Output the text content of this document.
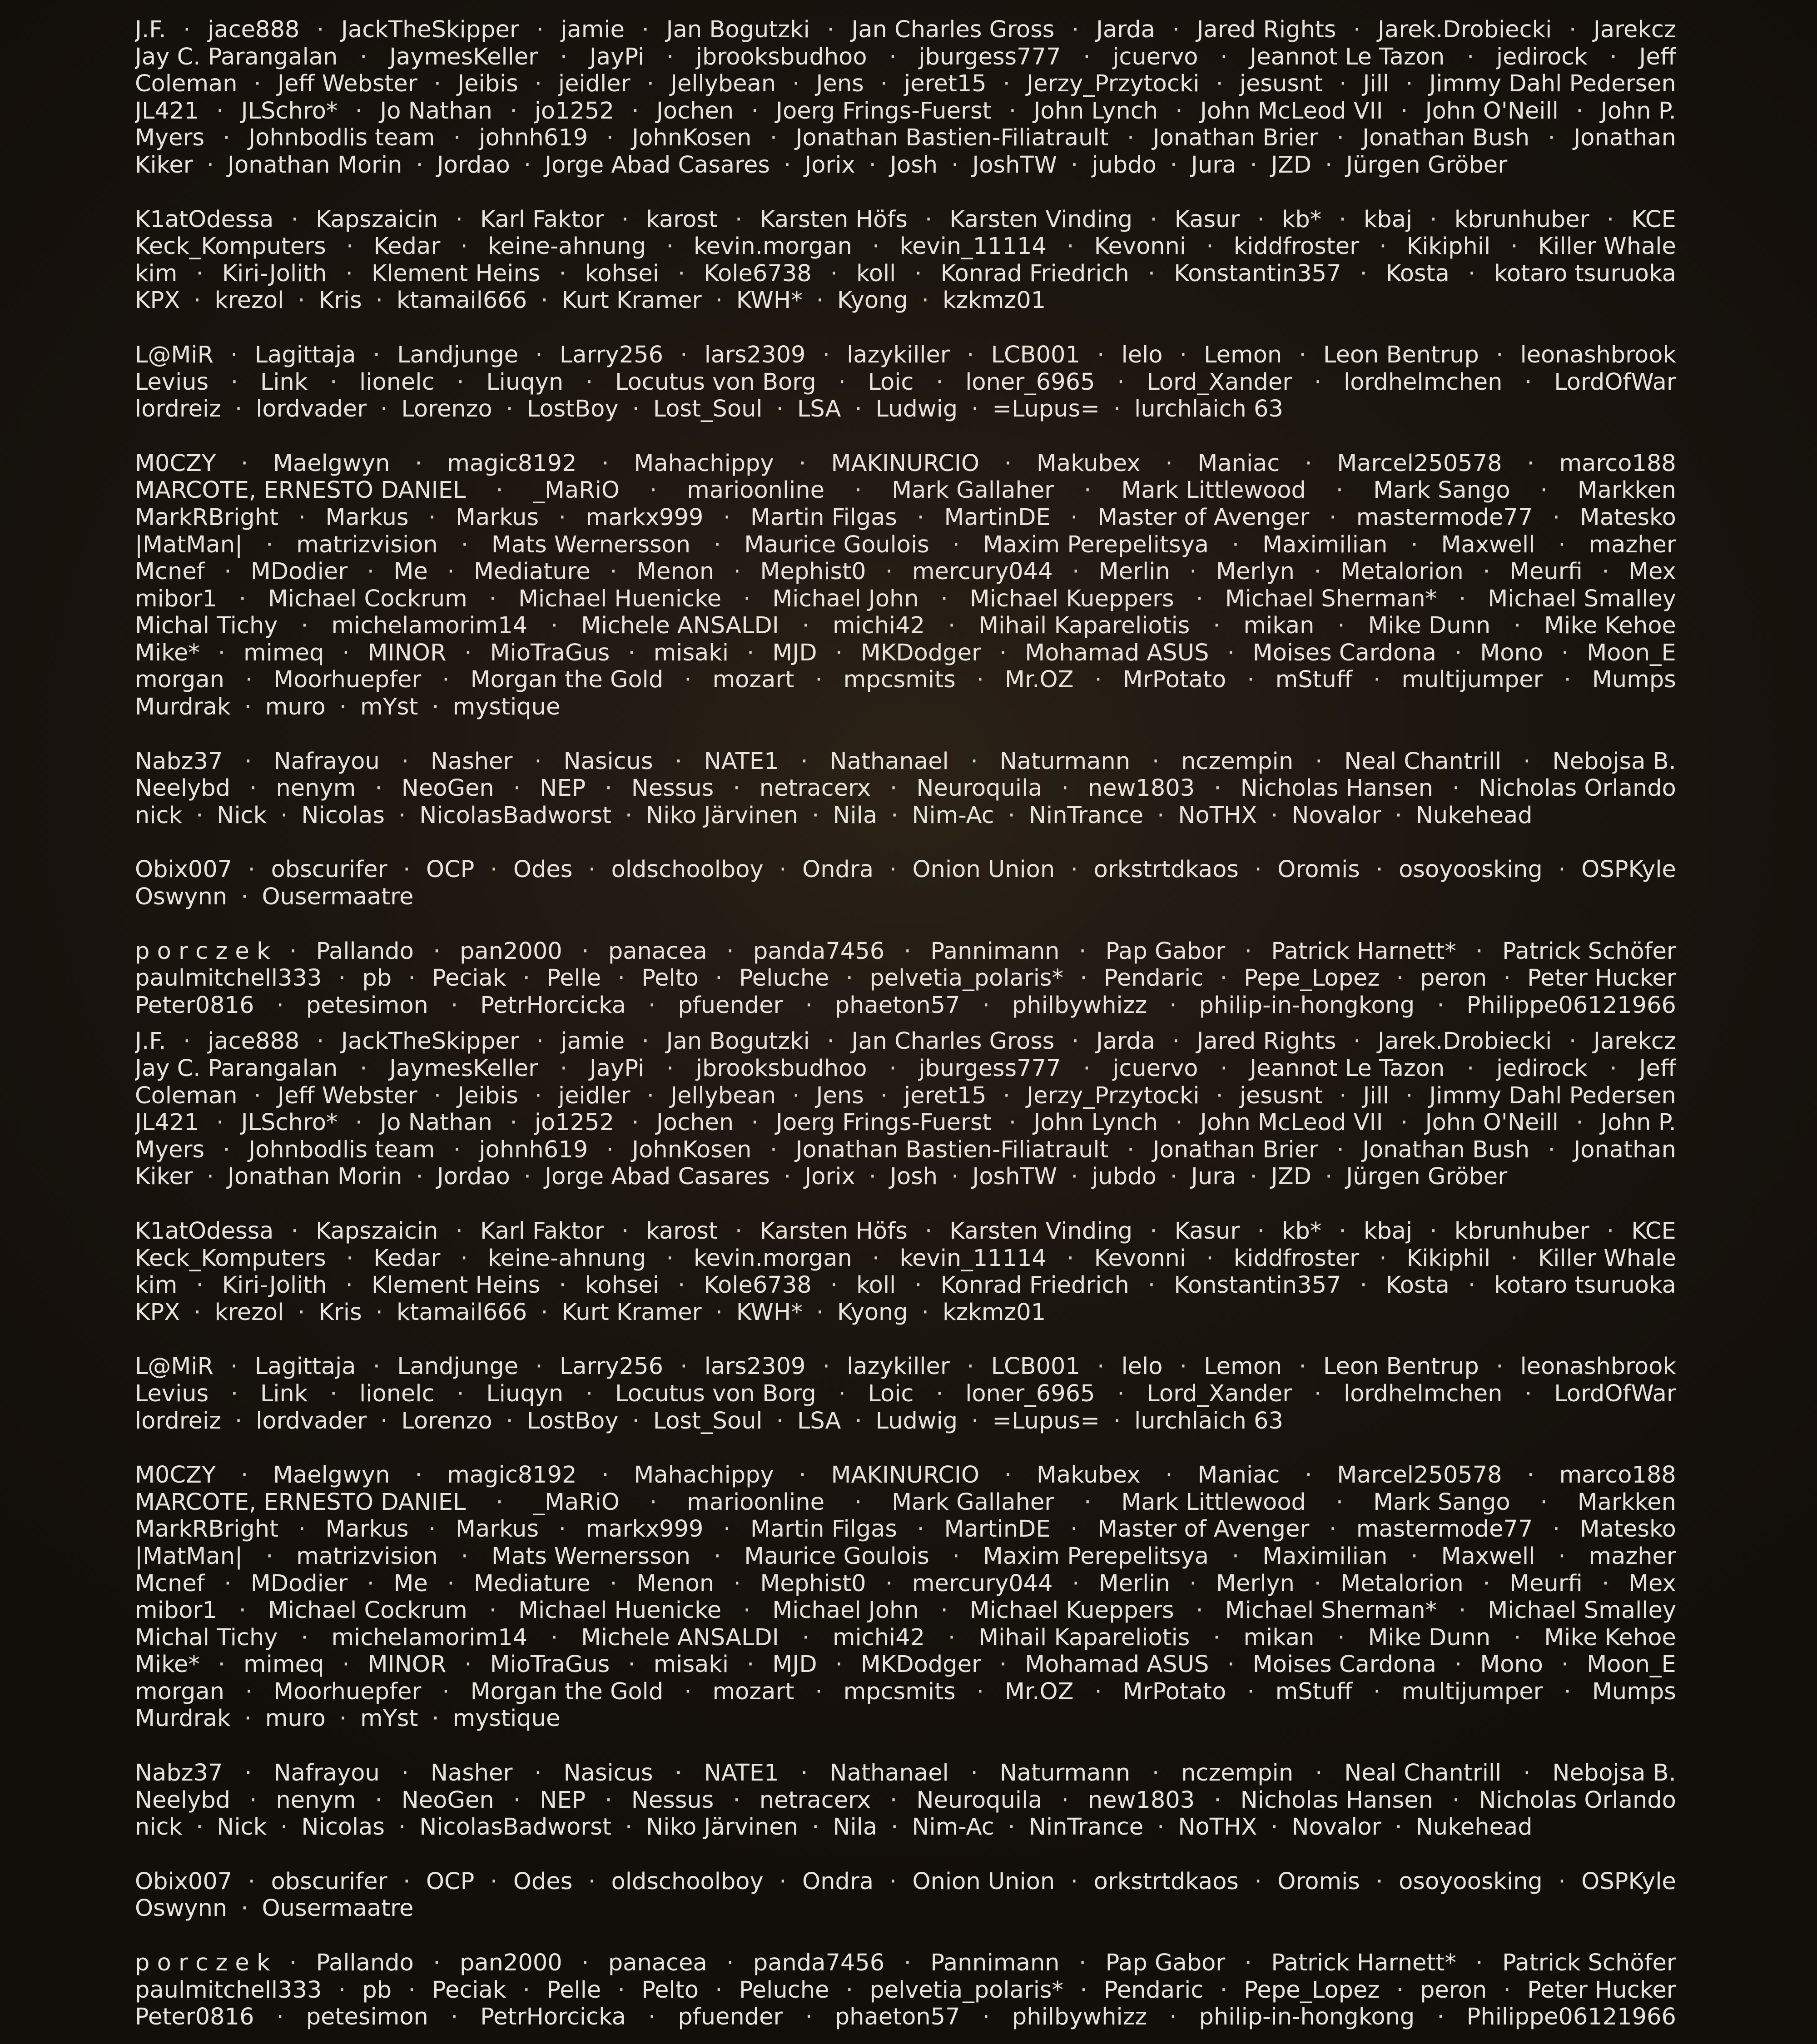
J.F. · jace888 · JackTheSkipper · jamie · Jan Bogutzki · Jan Charles Gross · Jarda · Jared Rights · Jarek.Drobiecki · Jarekcz
Jay C. Parangalan · JaymesKeller · JayPi · jbrooksbudhoo · jburgess777 · jcuervo · Jeannot Le Tazon · jedirock · Jeff
Coleman · Jeff Webster · Jeibis · jeidler · Jellybean · Jens · jeret15 · Jerzy_Przytocki · jesusnt · Jill · Jimmy Dahl Pedersen
JL421 · JLSchro* · Jo Nathan · jo1252 · Jochen · Joerg Frings-Fuerst · John Lynch · John McLeod VII · John O'Neill · John P.
Myers · Johnbodlis team · johnh619 · JohnKosen · Jonathan Bastien-Filiatrault · Jonathan Brier · Jonathan Bush · Jonathan
Kiker · Jonathan Morin · Jordao · Jorge Abad Casares · Jorix · Josh · JoshTW · jubdo · Jura · JZD · Jürgen Gröber
K1atOdessa · Kapszaicin · Karl Faktor · karost · Karsten Höfs · Karsten Vinding · Kasur · kb* · kbaj · kbrunhuber · KCE
Keck_Komputers · Kedar · keine-ahnung · kevin.morgan · kevin_11114 · Kevonni · kiddfroster · Kikiphil · Killer Whale
kim · Kiri-Jolith · Klement Heins · kohsei · Kole6738 · koll · Konrad Friedrich · Konstantin357 · Kosta · kotaro tsuruoka
KPX · krezol · Kris · ktamail666 · Kurt Kramer · KWH* · Kyong · kzkmz01
L@MiR · Lagittaja · Landjunge · Larry256 · lars2309 · lazykiller · LCB001 · lelo · Lemon · Leon Bentrup · leonashbrook
Levius · Link · lionelc · Liuqyn · Locutus von Borg · Loic · loner_6965 · Lord_Xander · lordhelmchen · LordOfWar
lordreiz · lordvader · Lorenzo · LostBoy · Lost_Soul · LSA · Ludwig · =Lupus= · lurchlaich 63
M0CZY · Maelgwyn · magic8192 · Mahachippy · MAKINURCIO · Makubex · Maniac · Marcel250578 · marco188
MARCOTE, ERNESTO DANIEL · _MaRiO · marioonline · Mark Gallaher · Mark Littlewood · Mark Sango · Markken
MarkRBright · Markus · Markus · markx999 · Martin Filgas · MartinDE · Master of Avenger · mastermode77 · Matesko
|MatMan| · matrizvision · Mats Wernersson · Maurice Goulois · Maxim Perepelitsya · Maximilian · Maxwell · mazher
Mcnef · MDodier · Me · Mediature · Menon · Mephist0 · mercury044 · Merlin · Merlyn · Metalorion · Meurfi · Mex
mibor1 · Michael Cockrum · Michael Huenicke · Michael John · Michael Kueppers · Michael Sherman* · Michael Smalley
Michal Tichy · michelamorim14 · Michele ANSALDI · michi42 · Mihail Kapareliotis · mikan · Mike Dunn · Mike Kehoe
Mike* · mimeq · MINOR · MioTraGus · misaki · MJD · MKDodger · Mohamad ASUS · Moises Cardona · Mono · Moon_E
morgan · Moorhuepfer · Morgan the Gold · mozart · mpcsmits · Mr.OZ · MrPotato · mStuff · multijumper · Mumps
Murdrak · muro · mYst · mystique
Nabz37 · Nafrayou · Nasher · Nasicus · NATE1 · Nathanael · Naturmann · nczempin · Neal Chantrill · Nebojsa B.
Neelybd · nenym · NeoGen · NEP · Nessus · netracerx · Neuroquila · new1803 · Nicholas Hansen · Nicholas Orlando
nick · Nick · Nicolas · NicolasBadworst · Niko Järvinen · Nila · Nim-Ac · NinTrance · NoTHX · Novalor · Nukehead
Obix007 · obscurifer · OCP · Odes · oldschoolboy · Ondra · Onion Union · orkstrtdkaos · Oromis · osoyoosking · OSPKyle
Oswynn · Ousermaatre
p o r c z e k · Pallando · pan2000 · panacea · panda7456 · Pannimann · Pap Gabor · Patrick Harnett* · Patrick Schöfer
paulmitchell333 · pb · Peciak · Pelle · Pelto · Peluche · pelvetia_polaris* · Pendaric · Pepe_Lopez · peron · Peter Hucker
Peter0816 · petesimon · PetrHorcicka · pfuender · phaeton57 · philbywhizz · philip-in-hongkong · Philippe06121966
J.F. · jace888 · JackTheSkipper · jamie · Jan Bogutzki · Jan Charles Gross · Jarda · Jared Rights · Jarek.Drobiecki · Jarekcz
Jay C. Parangalan · JaymesKeller · JayPi · jbrooksbudhoo · jburgess777 · jcuervo · Jeannot Le Tazon · jedirock · Jeff
Coleman · Jeff Webster · Jeibis · jeidler · Jellybean · Jens · jeret15 · Jerzy_Przytocki · jesusnt · Jill · Jimmy Dahl Pedersen
JL421 · JLSchro* · Jo Nathan · jo1252 · Jochen · Joerg Frings-Fuerst · John Lynch · John McLeod VII · John O'Neill · John P.
Myers · Johnbodlis team · johnh619 · JohnKosen · Jonathan Bastien-Filiatrault · Jonathan Brier · Jonathan Bush · Jonathan
Kiker · Jonathan Morin · Jordao · Jorge Abad Casares · Jorix · Josh · JoshTW · jubdo · Jura · JZD · Jürgen Gröber
K1atOdessa · Kapszaicin · Karl Faktor · karost · Karsten Höfs · Karsten Vinding · Kasur · kb* · kbaj · kbrunhuber · KCE
Keck_Komputers · Kedar · keine-ahnung · kevin.morgan · kevin_11114 · Kevonni · kiddfroster · Kikiphil · Killer Whale
kim · Kiri-Jolith · Klement Heins · kohsei · Kole6738 · koll · Konrad Friedrich · Konstantin357 · Kosta · kotaro tsuruoka
KPX · krezol · Kris · ktamail666 · Kurt Kramer · KWH* · Kyong · kzkmz01
L@MiR · Lagittaja · Landjunge · Larry256 · lars2309 · lazykiller · LCB001 · lelo · Lemon · Leon Bentrup · leonashbrook
Levius · Link · lionelc · Liuqyn · Locutus von Borg · Loic · loner_6965 · Lord_Xander · lordhelmchen · LordOfWar
lordreiz · lordvader · Lorenzo · LostBoy · Lost_Soul · LSA · Ludwig · =Lupus= · lurchlaich 63
M0CZY · Maelgwyn · magic8192 · Mahachippy · MAKINURCIO · Makubex · Maniac · Marcel250578 · marco188
MARCOTE, ERNESTO DANIEL · _MaRiO · marioonline · Mark Gallaher · Mark Littlewood · Mark Sango · Markken
MarkRBright · Markus · Markus · markx999 · Martin Filgas · MartinDE · Master of Avenger · mastermode77 · Matesko
|MatMan| · matrizvision · Mats Wernersson · Maurice Goulois · Maxim Perepelitsya · Maximilian · Maxwell · mazher
Mcnef · MDodier · Me · Mediature · Menon · Mephist0 · mercury044 · Merlin · Merlyn · Metalorion · Meurfi · Mex
mibor1 · Michael Cockrum · Michael Huenicke · Michael John · Michael Kueppers · Michael Sherman* · Michael Smalley
Michal Tichy · michelamorim14 · Michele ANSALDI · michi42 · Mihail Kapareliotis · mikan · Mike Dunn · Mike Kehoe
Mike* · mimeq · MINOR · MioTraGus · misaki · MJD · MKDodger · Mohamad ASUS · Moises Cardona · Mono · Moon_E
morgan · Moorhuepfer · Morgan the Gold · mozart · mpcsmits · Mr.OZ · MrPotato · mStuff · multijumper · Mumps
Murdrak · muro · mYst · mystique
Nabz37 · Nafrayou · Nasher · Nasicus · NATE1 · Nathanael · Naturmann · nczempin · Neal Chantrill · Nebojsa B.
Neelybd · nenym · NeoGen · NEP · Nessus · netracerx · Neuroquila · new1803 · Nicholas Hansen · Nicholas Orlando
nick · Nick · Nicolas · NicolasBadworst · Niko Järvinen · Nila · Nim-Ac · NinTrance · NoTHX · Novalor · Nukehead
Obix007 · obscurifer · OCP · Odes · oldschoolboy · Ondra · Onion Union · orkstrtdkaos · Oromis · osoyoosking · OSPKyle
Oswynn · Ousermaatre
p o r c z e k · Pallando · pan2000 · panacea · panda7456 · Pannimann · Pap Gabor · Patrick Harnett* · Patrick Schöfer
paulmitchell333 · pb · Peciak · Pelle · Pelto · Peluche · pelvetia_polaris* · Pendaric · Pepe_Lopez · peron · Peter Hucker
Peter0816 · petesimon · PetrHorcicka · pfuender · phaeton57 · philbywhizz · philip-in-hongkong · Philippe06121966
